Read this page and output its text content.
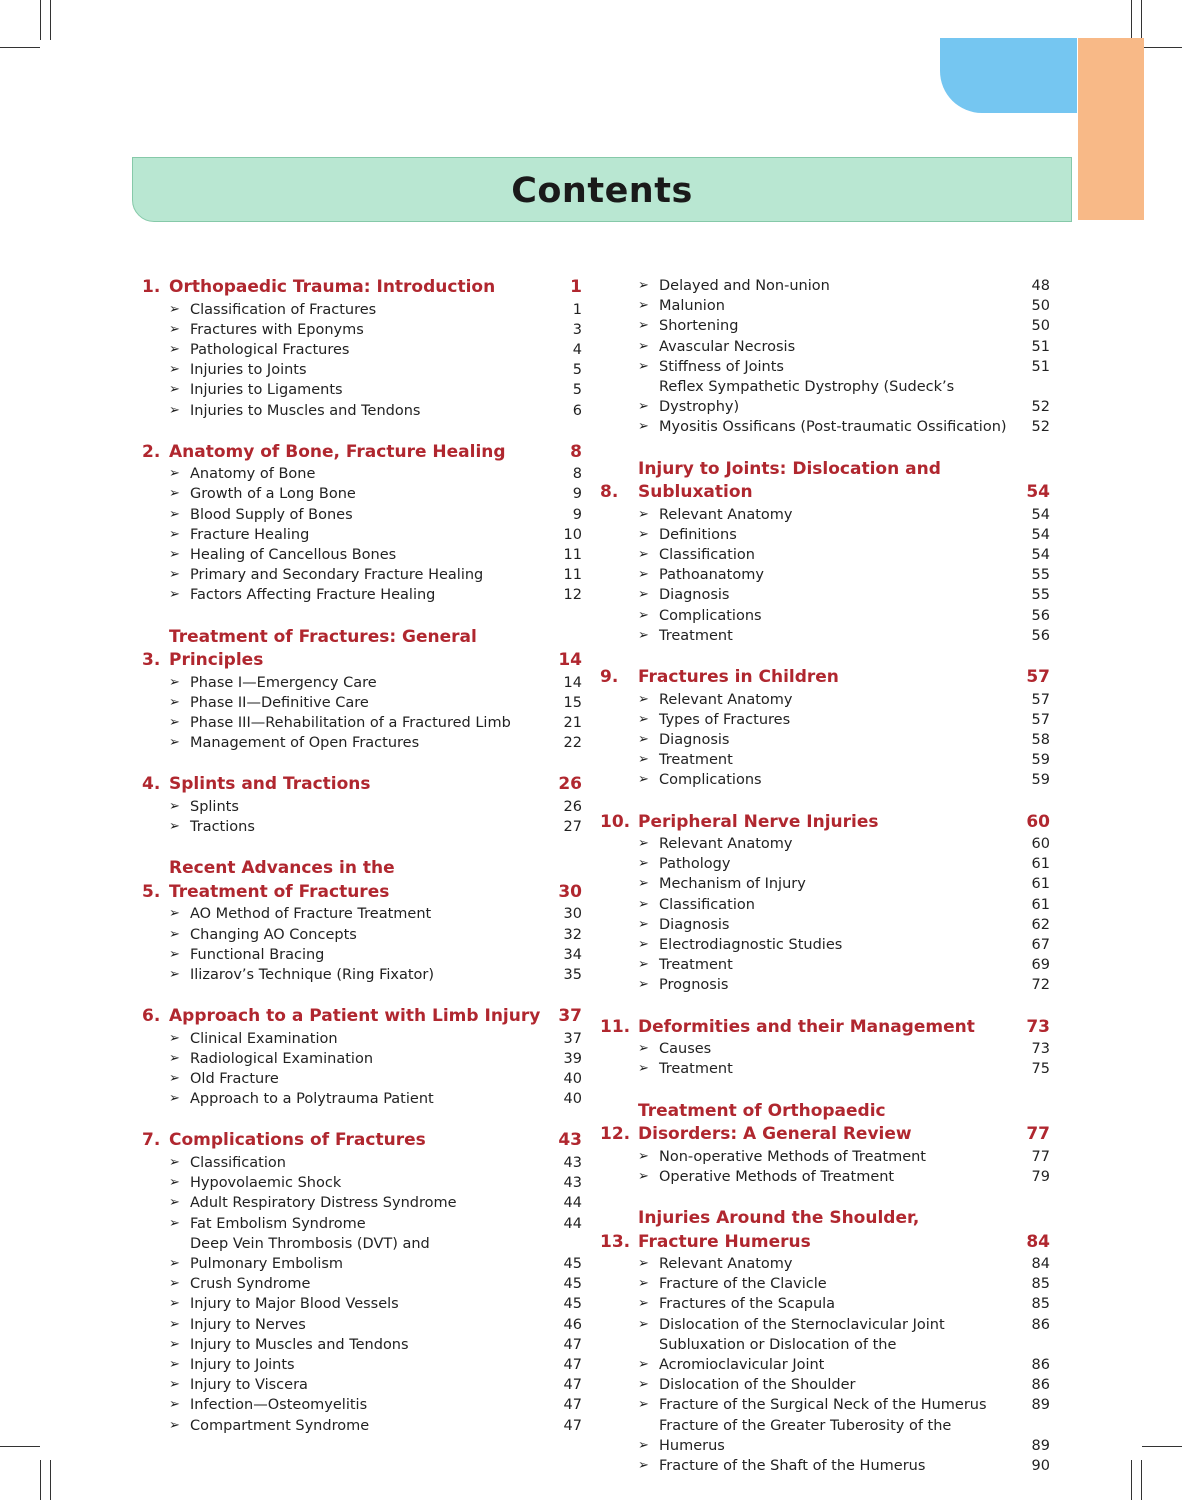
Contents
1. Orthopaedic Trauma: Introduction	1
➢ Classification of Fractures	1
➢ Fractures with Eponyms	3
➢ Pathological Fractures	4
➢ Injuries to Joints	5
➢ Injuries to Ligaments	5
➢ Injuries to Muscles and Tendons	6
2. Anatomy of Bone, Fracture Healing	8
➢ Anatomy of Bone	8
➢ Growth of a Long Bone	9
➢ Blood Supply of Bones	9
➢ Fracture Healing	10
➢ Healing of Cancellous Bones	11
➢ Primary and Secondary Fracture Healing	11
➢ Factors Affecting Fracture Healing	12
3.
Treatment of Fractures: General Principles	14
➢ Phase I—Emergency Care	14
➢ Phase II—Definitive Care	15
➢ Phase III—Rehabilitation of a Fractured Limb	21
➢ Management of Open Fractures	22
4. Splints and Tractions	26
➢ Splints	26
➢ Tractions	27
5.
Recent Advances in the
Treatment of Fractures	30
➢ AO Method of Fracture Treatment	30
➢ Changing AO Concepts	32
➢ Functional Bracing	34
➢ Ilizarov’s Technique (Ring Fixator)	35
6. Approach to a Patient with Limb Injury	37
➢ Clinical Examination	37
➢ Radiological Examination	39
➢ Old Fracture	40
➢ Approach to a Polytrauma Patient	40
7. Complications of Fractures	43
➢ Classification	43
➢ Hypovolaemic Shock	43
➢ Adult Respiratory Distress Syndrome	44
➢ Fat Embolism Syndrome	44
➢
Deep Vein Thrombosis (DVT) and
Pulmonary Embolism	45
➢ Crush Syndrome	45
➢ Injury to Major Blood Vessels	45
➢ Injury to Nerves	46
➢ Injury to Muscles and Tendons	47
➢ Injury to Joints	47
➢ Injury to Viscera	47
➢ Infection—Osteomyelitis	47
➢ Compartment Syndrome	47
➢ Delayed and Non-union	48
➢ Malunion	50
➢ Shortening	50
➢ Avascular Necrosis	51
➢ Stiffness of Joints	51
➢
Reflex Sympathetic Dystrophy (Sudeck’s Dystrophy)	52
➢ Myositis Ossificans (Post-traumatic Ossification)	52
8.
Injury to Joints: Dislocation and Subluxation	54
➢ Relevant Anatomy	54
➢ Definitions	54
➢ Classification	54
➢ Pathoanatomy	55
➢ Diagnosis	55
➢ Complications	56
➢ Treatment	56
9.	Fractures in Children	57
➢ Relevant Anatomy	57
➢ Types of Fractures	57
➢ Diagnosis	58
➢ Treatment	59
➢ Complications	59
10. Peripheral Nerve Injuries	60
➢ Relevant Anatomy	60
➢ Pathology	61
➢ Mechanism of Injury	61
➢ Classification	61
➢ Diagnosis	62
➢ Electrodiagnostic Studies	67
➢ Treatment	69
➢ Prognosis	72
11. Deformities and their Management	73
➢ Causes	73
➢ Treatment	75
12.
Treatment of Orthopaedic
Disorders: A General Review	77
➢ Non-operative Methods of Treatment	77
➢ Operative Methods of Treatment	79
13.
Injuries Around the Shoulder,
Fracture Humerus	84
➢ Relevant Anatomy	84
➢ Fracture of the Clavicle	85
➢ Fractures of the Scapula	85
➢ Dislocation of the Sternoclavicular Joint	86
➢
Subluxation or Dislocation of the
Acromioclavicular Joint	86
➢ Dislocation of the Shoulder	86
➢ Fracture of the Surgical Neck of the Humerus	89
➢
Fracture of the Greater Tuberosity of the Humerus	89
➢ Fracture of the Shaft of the Humerus	90
